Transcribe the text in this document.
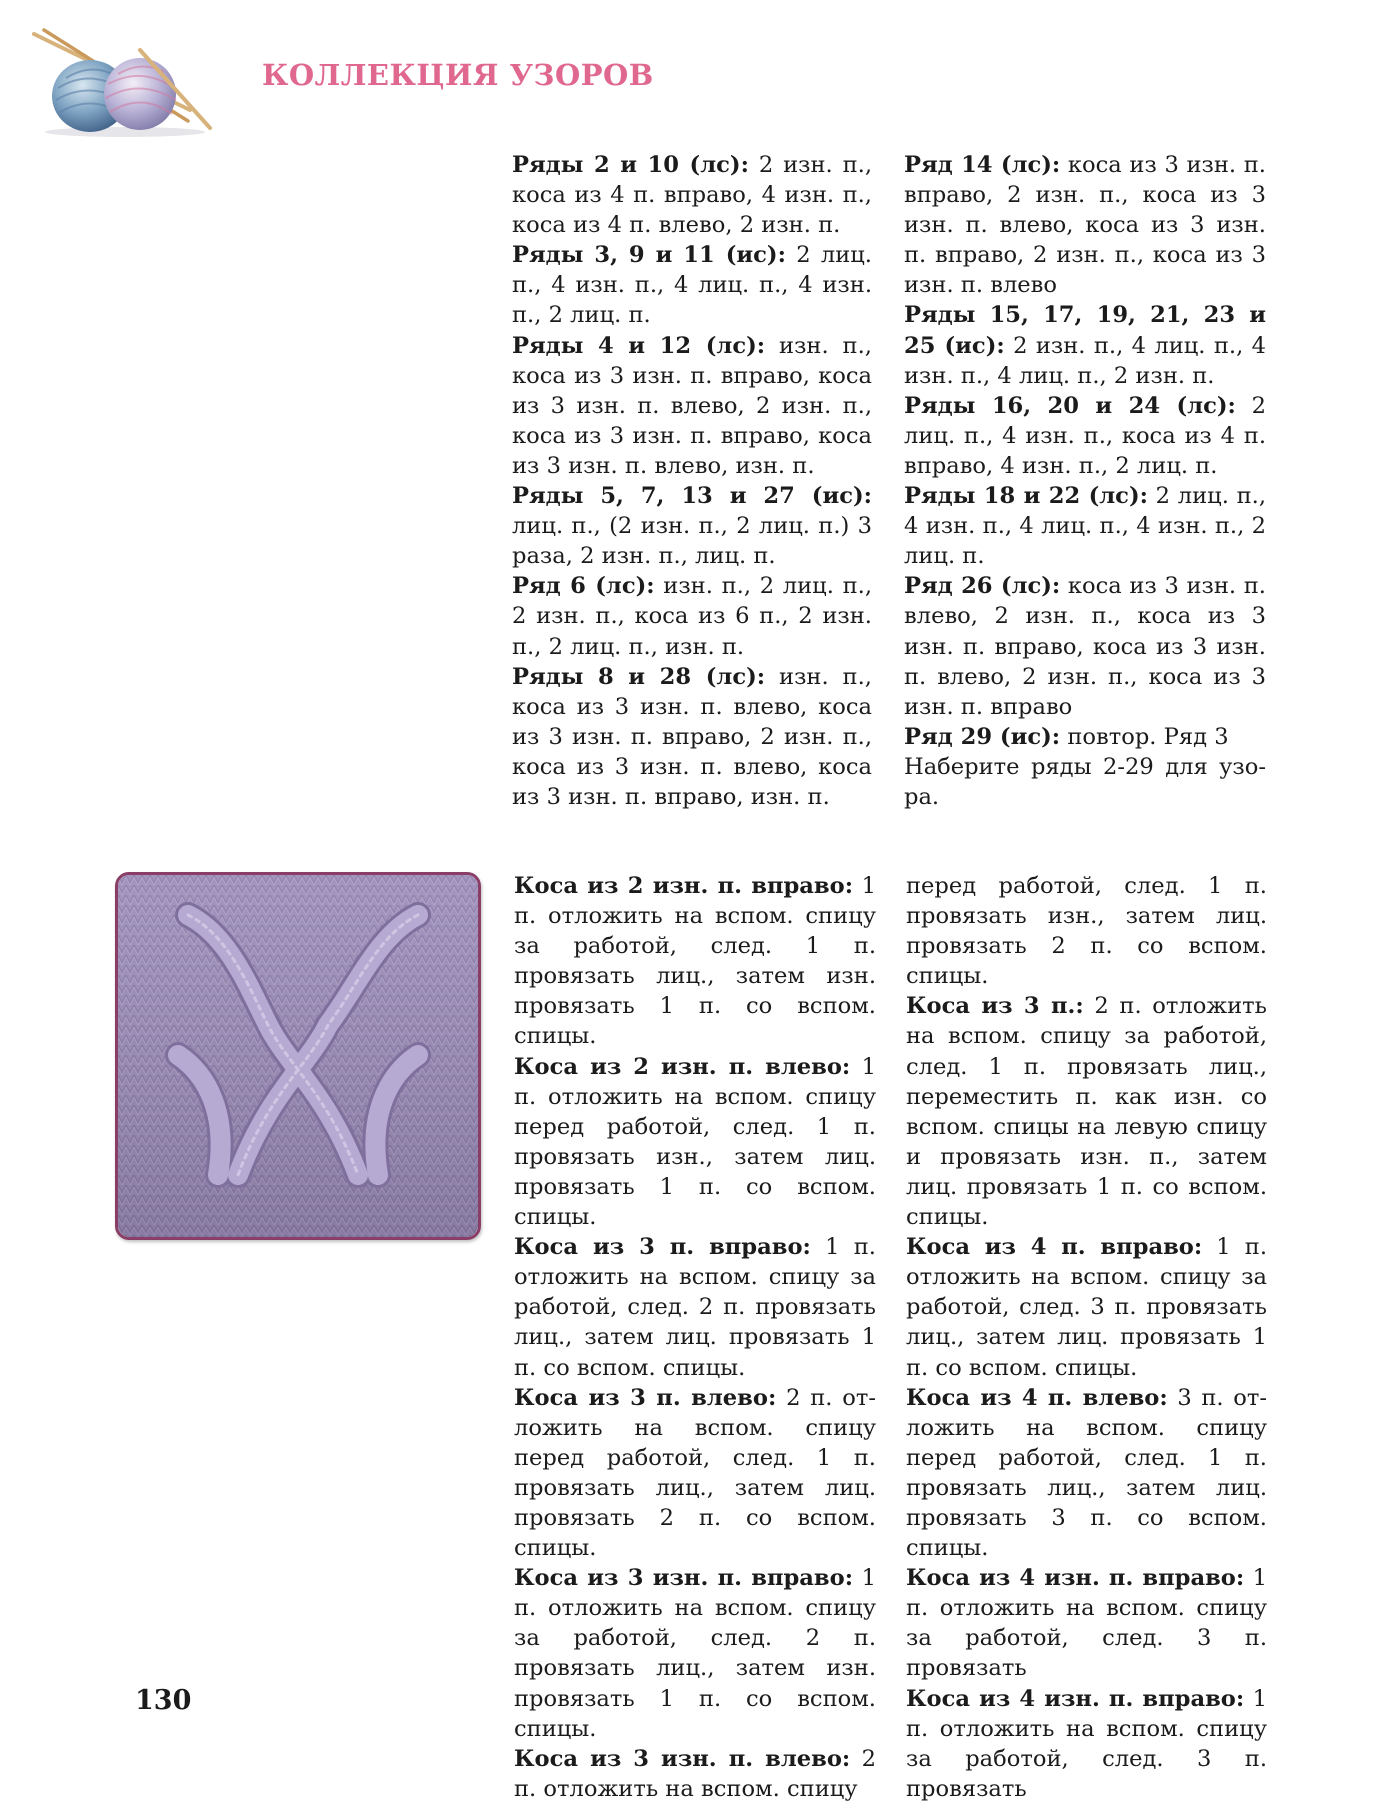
КОЛЛЕКЦИЯ УЗОРОВ

Ряды 2 и 10 (лс): 2 изн. п., коса из 4 п. вправо, 4 изн. п., коса из 4 п. влево, 2 изн. п.

Ряды 3, 9 и 11 (ис): 2 лиц. п., 4 изн. п., 4 лиц. п., 4 изн. п., 2 лиц. п.

Ряды 4 и 12 (лс): изн. п., коса из 3 изн. п. вправо, коса из 3 изн. п. влево, 2 изн. п., коса из 3 изн. п. вправо, коса из 3 изн. п. влево, изн. п.

Ряды 5, 7, 13 и 27 (ис): лиц. п., (2 изн. п., 2 лиц. п.) 3 раза, 2 изн. п., лиц. п.

Ряд 6 (лс): изн. п., 2 лиц. п., 2 изн. п., коса из 6 п., 2 изн. п., 2 лиц. п., изн. п.

Ряды 8 и 28 (лс): изн. п., коса из 3 изн. п. влево, коса из 3 изн. п. вправо, 2 изн. п., коса из 3 изн. п. влево, коса из 3 изн. п. вправо, изн. п.

Ряд 14 (лс): коса из 3 изн. п. вправо, 2 изн. п., коса из 3 изн. п. влево, коса из 3 изн. п. вправо, 2 изн. п., коса из 3 изн. п. влево

Ряды 15, 17, 19, 21, 23 и 25 (ис): 2 изн. п., 4 лиц. п., 4 изн. п., 4 лиц. п., 2 изн. п.

Ряды 16, 20 и 24 (лс): 2 лиц. п., 4 изн. п., коса из 4 п. вправо, 4 изн. п., 2 лиц. п.

Ряды 18 и 22 (лс): 2 лиц. п., 4 изн. п., 4 лиц. п., 4 изн. п., 2 лиц. п.

Ряд 26 (лс): коса из 3 изн. п. влево, 2 изн. п., коса из 3 изн. п. вправо, коса из 3 изн. п. влево, 2 изн. п., коса из 3 изн. п. вправо

Ряд 29 (ис): повтор. Ряд 3

Наберите ряды 2-29 для узора.

Коса из 2 изн. п. вправо: 1 п. отложить на вспом. спицу за работой, след. 1 п. провязать лиц., затем изн. провязать 1 п. со вспом. спицы.

Коса из 2 изн. п. влево: 1 п. отложить на вспом. спицу перед работой, след. 1 п. провязать изн., затем лиц. провязать 1 п. со вспом. спицы.

Коса из 3 п. вправо: 1 п. отложить на вспом. спицу за работой, след. 2 п. провязать лиц., затем лиц. провязать 1 п. со вспом. спицы.

Коса из 3 п. влево: 2 п. отложить на вспом. спицу перед работой, след. 1 п. провязать лиц., затем лиц. провязать 2 п. со вспом. спицы.

Коса из 3 изн. п. вправо: 1 п. отложить на вспом. спицу за работой, след. 2 п. провязать лиц., затем изн. провязать 1 п. со вспом. спицы.

Коса из 3 изн. п. влево: 2 п. отложить на вспом. спицу

перед работой, след. 1 п. провязать изн., затем лиц. провязать 2 п. со вспом. спицы.

Коса из 3 п.: 2 п. отложить на вспом. спицу за работой, след. 1 п. провязать лиц., переместить п. как изн. со вспом. спицы на левую спицу и провязать изн. п., затем лиц. провязать 1 п. со вспом. спицы.

Коса из 4 п. вправо: 1 п. отложить на вспом. спицу за работой, след. 3 п. провязать лиц., затем лиц. провязать 1 п. со вспом. спицы.

Коса из 4 п. влево: 3 п. отложить на вспом. спицу перед работой, след. 1 п. провязать лиц., затем лиц. провязать 3 п. со вспом. спицы.

Коса из 4 изн. п. вправо: 1 п. отложить на вспом. спицу за работой, след. 3 п. провязать

Коса из 4 изн. п. вправо: 1 п. отложить на вспом. спицу за работой, след. 3 п. провязать

130
